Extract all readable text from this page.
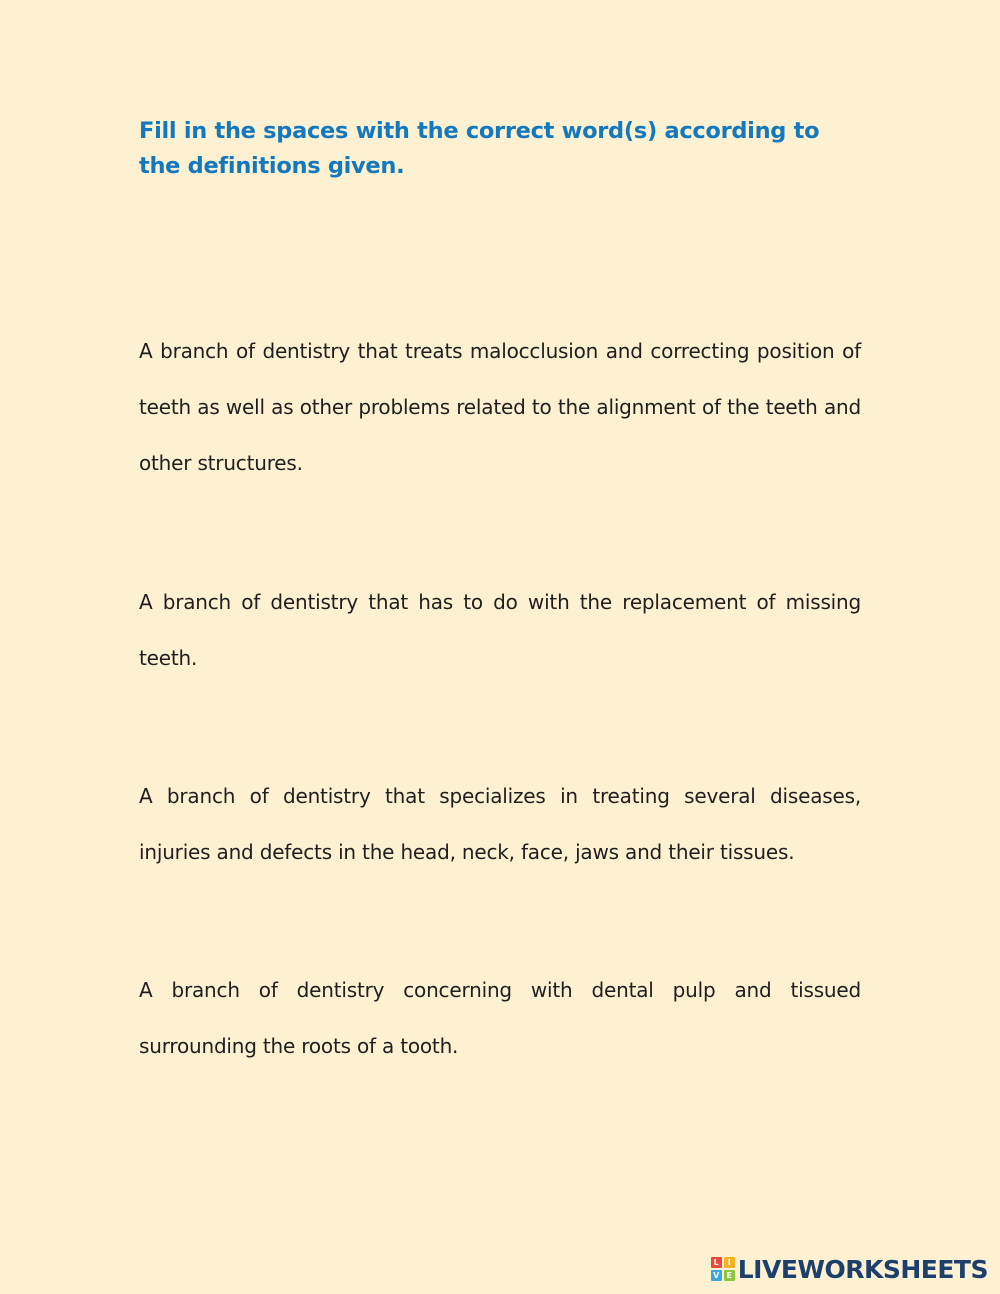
Fill in the spaces with the correct word(s) according to the definitions given.

A branch of dentistry that treats malocclusion and correcting position of teeth as well as other problems related to the alignment of the teeth and other structures.

A branch of dentistry that has to do with the replacement of missing teeth.

A branch of dentistry that specializes in treating several diseases, injuries and defects in the head, neck, face, jaws and their tissues.

A branch of dentistry concerning with dental pulp and tissued surrounding the roots of a tooth.

L	I
V E LIVEWORKSHEETS
